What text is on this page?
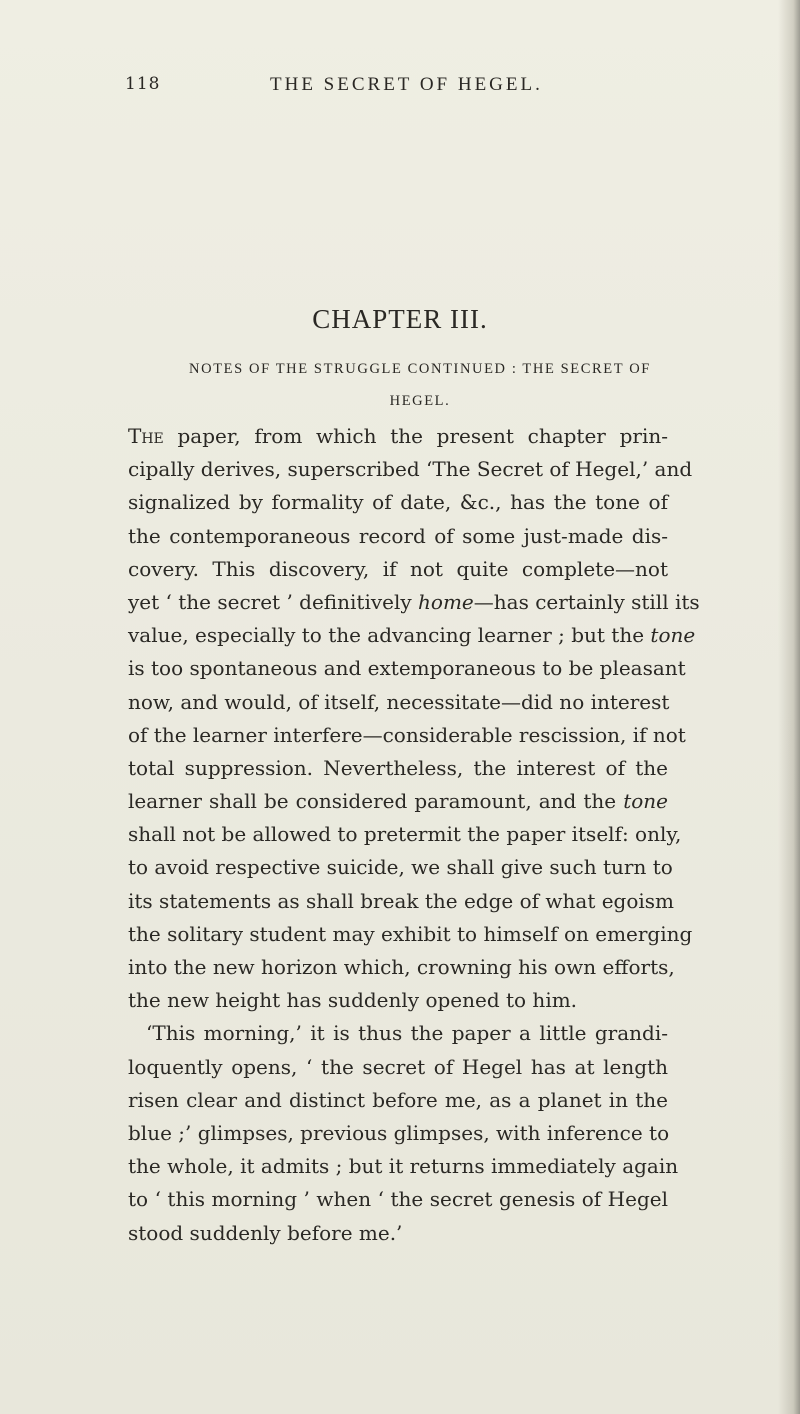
118	THE SECRET OF HEGEL.
CHAPTER III.
NOTES OF THE STRUGGLE CONTINUED : THE SECRET OF
HEGEL.
The paper, from which the present chapter prin-
cipally derives, superscribed ‘The Secret of Hegel,’ and
signalized by formality of date, &c., has the tone of
the contemporaneous record of some just-made dis-
covery. This discovery, if not quite complete—not
yet ‘ the secret ’ definitively home—has certainly still its
value, especially to the advancing learner ; but the tone
is too spontaneous and extemporaneous to be pleasant
now, and would, of itself, necessitate—did no interest
of the learner interfere—considerable rescission, if not
total suppression. Nevertheless, the interest of the
learner shall be considered paramount, and the tone
shall not be allowed to pretermit the paper itself: only,
to avoid respective suicide, we shall give such turn to
its statements as shall break the edge of what egoism
the solitary student may exhibit to himself on emerging
into the new horizon which, crowning his own efforts,
the new height has suddenly opened to him.
‘This morning,’ it is thus the paper a little grandi-
loquently opens, ‘ the secret of Hegel has at length
risen clear and distinct before me, as a planet in the
blue ;’ glimpses, previous glimpses, with inference to
the whole, it admits ; but it returns immediately again
to ‘ this morning ’ when ‘ the secret genesis of Hegel
stood suddenly before me.’
